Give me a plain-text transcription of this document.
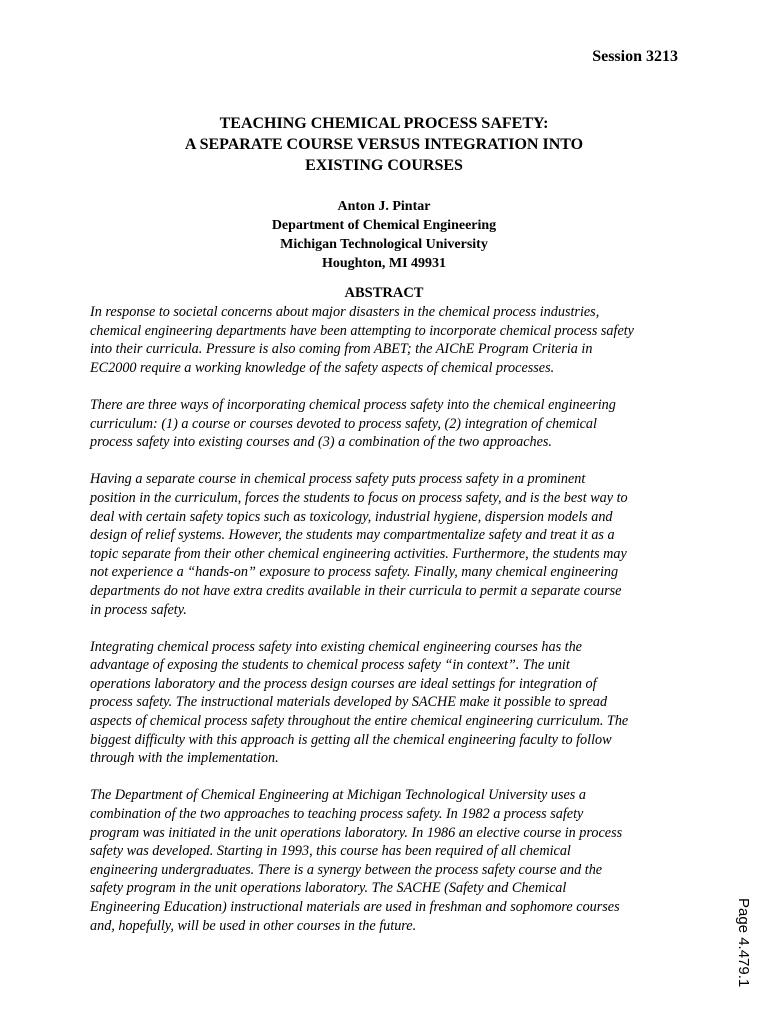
Session 3213
TEACHING CHEMICAL PROCESS SAFETY:
A SEPARATE COURSE VERSUS INTEGRATION INTO
EXISTING COURSES
Anton J. Pintar
Department of Chemical Engineering
Michigan Technological University
Houghton, MI 49931
ABSTRACT

In response to societal concerns about major disasters in the chemical process industries,
chemical engineering departments have been attempting to incorporate chemical process safety
into their curricula. Pressure is also coming from ABET; the AIChE Program Criteria in
EC2000 require a working knowledge of the safety aspects of chemical processes.

There are three ways of incorporating chemical process safety into the chemical engineering
curriculum: (1) a course or courses devoted to process safety, (2) integration of chemical
process safety into existing courses and (3) a combination of the two approaches.

Having a separate course in chemical process safety puts process safety in a prominent
position in the curriculum, forces the students to focus on process safety, and is the best way to
deal with certain safety topics such as toxicology, industrial hygiene, dispersion models and
design of relief systems. However, the students may compartmentalize safety and treat it as a
topic separate from their other chemical engineering activities. Furthermore, the students may
not experience a “hands-on” exposure to process safety. Finally, many chemical engineering
departments do not have extra credits available in their curricula to permit a separate course
in process safety.

Integrating chemical process safety into existing chemical engineering courses has the
advantage of exposing the students to chemical process safety “in context”. The unit
operations laboratory and the process design courses are ideal settings for integration of
process safety. The instructional materials developed by SACHE make it possible to spread
aspects of chemical process safety throughout the entire chemical engineering curriculum. The
biggest difficulty with this approach is getting all the chemical engineering faculty to follow
through with the implementation.

The Department of Chemical Engineering at Michigan Technological University uses a
combination of the two approaches to teaching process safety. In 1982 a process safety
program was initiated in the unit operations laboratory. In 1986 an elective course in process
safety was developed. Starting in 1993, this course has been required of all chemical
engineering undergraduates. There is a synergy between the process safety course and the
safety program in the unit operations laboratory. The SACHE (Safety and Chemical
Engineering Education) instructional materials are used in freshman and sophomore courses
and, hopefully, will be used in other courses in the future.	Page 4.479.1
